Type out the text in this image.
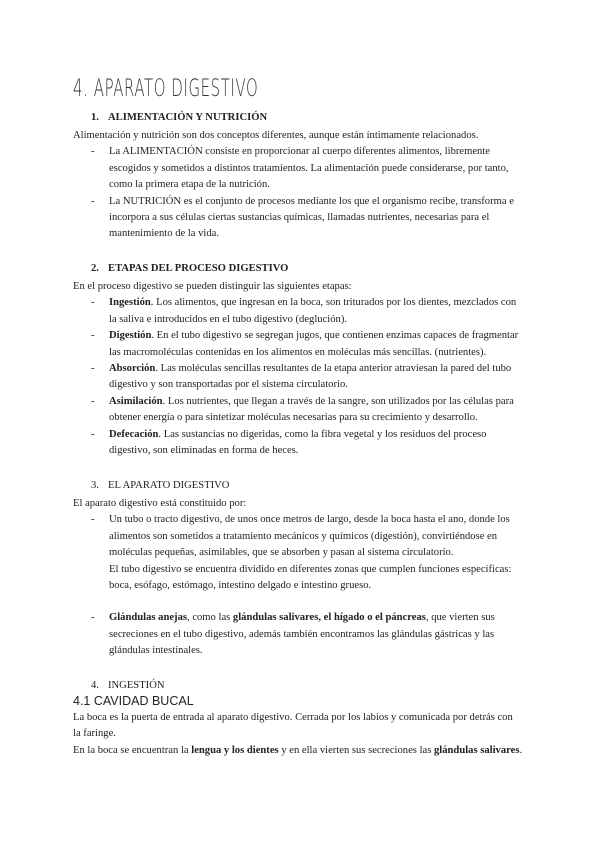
4. APARATO DIGESTIVO
1. ALIMENTACIÓN Y NUTRICIÓN

Alimentación y nutrición son dos conceptos diferentes, aunque están íntimamente relacionados.

- La ALIMENTACIÓN consiste en proporcionar al cuerpo diferentes alimentos, libremente escogidos y sometidos a distintos tratamientos. La alimentación puede considerarse, por tanto, como la primera etapa de la nutrición.

- La NUTRICIÓN es el conjunto de procesos mediante los que el organismo recibe, transforma e incorpora a sus células ciertas sustancias químicas, llamadas nutrientes, necesarias para el mantenimiento de la vida.

2. ETAPAS DEL PROCESO DIGESTIVO

En el proceso digestivo se pueden distinguir las siguientes etapas:

- Ingestión. Los alimentos, que ingresan en la boca, son triturados por los dientes, mezclados con la saliva e introducidos en el tubo digestivo (deglución).

- Digestión. En el tubo digestivo se segregan jugos, que contienen enzimas capaces de fragmentar las macromoléculas contenidas en los alimentos en moléculas más sencillas. (nutrientes).

- Absorción. Las moléculas sencillas resultantes de la etapa anterior atraviesan la pared del tubo digestivo y son transportadas por el sistema circulatorio.

- Asimilación. Los nutrientes, que llegan a través de la sangre, son utilizados por las células para obtener energía o para sintetizar moléculas necesarias para su crecimiento y desarrollo.

- Defecación. Las sustancias no digeridas, como la fibra vegetal y los residuos del proceso digestivo, son eliminadas en forma de heces.

3. EL APARATO DIGESTIVO

El aparato digestivo está constituido por:

- Un tubo o tracto digestivo, de unos once metros de largo, desde la boca hasta el ano, donde los alimentos son sometidos a tratamiento mecánicos y químicos (digestión), convirtiéndose en moléculas pequeñas, asimilables, que se absorben y pasan al sistema circulatorio.

El tubo digestivo se encuentra dividido en diferentes zonas que cumplen funciones específicas: boca, esófago, estómago, intestino delgado e intestino grueso.

- Glándulas anejas, como las glándulas salivares, el hígado o el páncreas, que vierten sus secreciones en el tubo digestivo, además también encontramos las glándulas gástricas y las glándulas intestinales.

4. INGESTIÓN
4.1 CAVIDAD BUCAL

La boca es la puerta de entrada al aparato digestivo. Cerrada por los labios y comunicada por detrás con la faringe.

En la boca se encuentran la lengua y los dientes y en ella vierten sus secreciones las glándulas salivares.
